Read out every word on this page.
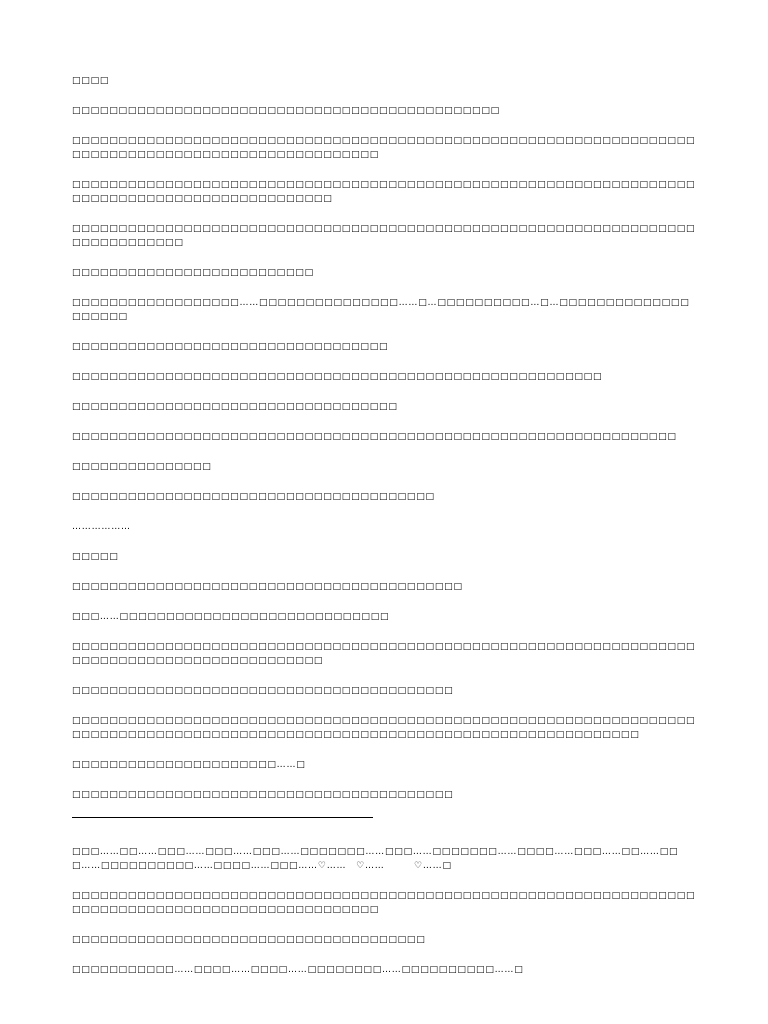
□□□□

□□□□□□□□□□□□□□□□□□□□□□□□□□□□□□□□□□□□□□□□□□□□□□

□□□□□□□□□□□□□□□□□□□□□□□□□□□□□□□□□□□□□□□□□□□□□□□□□□□□□□□□□□□□□□□□□□□□□□□□□□□□□□□□□□□□□□□□□□□□□□□□□□□□

□□□□□□□□□□□□□□□□□□□□□□□□□□□□□□□□□□□□□□□□□□□□□□□□□□□□□□□□□□□□□□□□□□□□□□□□□□□□□□□□□□□□□□□□□□□□□□□

□□□□□□□□□□□□□□□□□□□□□□□□□□□□□□□□□□□□□□□□□□□□□□□□□□□□□□□□□□□□□□□□□□□□□□□□□□□□□□□

□□□□□□□□□□□□□□□□□□□□□□□□□□

□□□□□□□□□□□□□□□□□□……□□□□□□□□□□□□□□□……□…□□□□□□□□□□…□…□□□□□□□□□□□□□□□□□□□□

□□□□□□□□□□□□□□□□□□□□□□□□□□□□□□□□□□

□□□□□□□□□□□□□□□□□□□□□□□□□□□□□□□□□□□□□□□□□□□□□□□□□□□□□□□□□

□□□□□□□□□□□□□□□□□□□□□□□□□□□□□□□□□□□

□□□□□□□□□□□□□□□□□□□□□□□□□□□□□□□□□□□□□□□□□□□□□□□□□□□□□□□□□□□□□□□□□

□□□□□□□□□□□□□□□

□□□□□□□□□□□□□□□□□□□□□□□□□□□□□□□□□□□□□□□

………………

□□□□□

□□□□□□□□□□□□□□□□□□□□□□□□□□□□□□□□□□□□□□□□□□

□□□……□□□□□□□□□□□□□□□□□□□□□□□□□□□□□

□□□□□□□□□□□□□□□□□□□□□□□□□□□□□□□□□□□□□□□□□□□□□□□□□□□□□□□□□□□□□□□□□□□□□□□□□□□□□□□□□□□□□□□□□□□□□□

□□□□□□□□□□□□□□□□□□□□□□□□□□□□□□□□□□□□□□□□□

□□□□□□□□□□□□□□□□□□□□□□□□□□□□□□□□□□□□□□□□□□□□□□□□□□□□□□□□□□□□□□□□□□□□□□□□□□□□□□□□□□□□□□□□□□□□□□□□□□□□□□□□□□□□□□□□□□□□□□□□□□□□□□□□

□□□□□□□□□□□□□□□□□□□□□□……□

□□□□□□□□□□□□□□□□□□□□□□□□□□□□□□□□□□□□□□□□□

□□□……□□……□□□……□□□……□□□……□□□□□□□……□□□……□□□□□□□……□□□□……□□□……□□……□□□……□□□□□□□□□□……□□□□……□□□……♡……　♡……　　　♡……□

□□□□□□□□□□□□□□□□□□□□□□□□□□□□□□□□□□□□□□□□□□□□□□□□□□□□□□□□□□□□□□□□□□□□□□□□□□□□□□□□□□□□□□□□□□□□□□□□□□□□

□□□□□□□□□□□□□□□□□□□□□□□□□□□□□□□□□□□□□□

□□□□□□□□□□□……□□□□……□□□□……□□□□□□□□……□□□□□□□□□□……□
